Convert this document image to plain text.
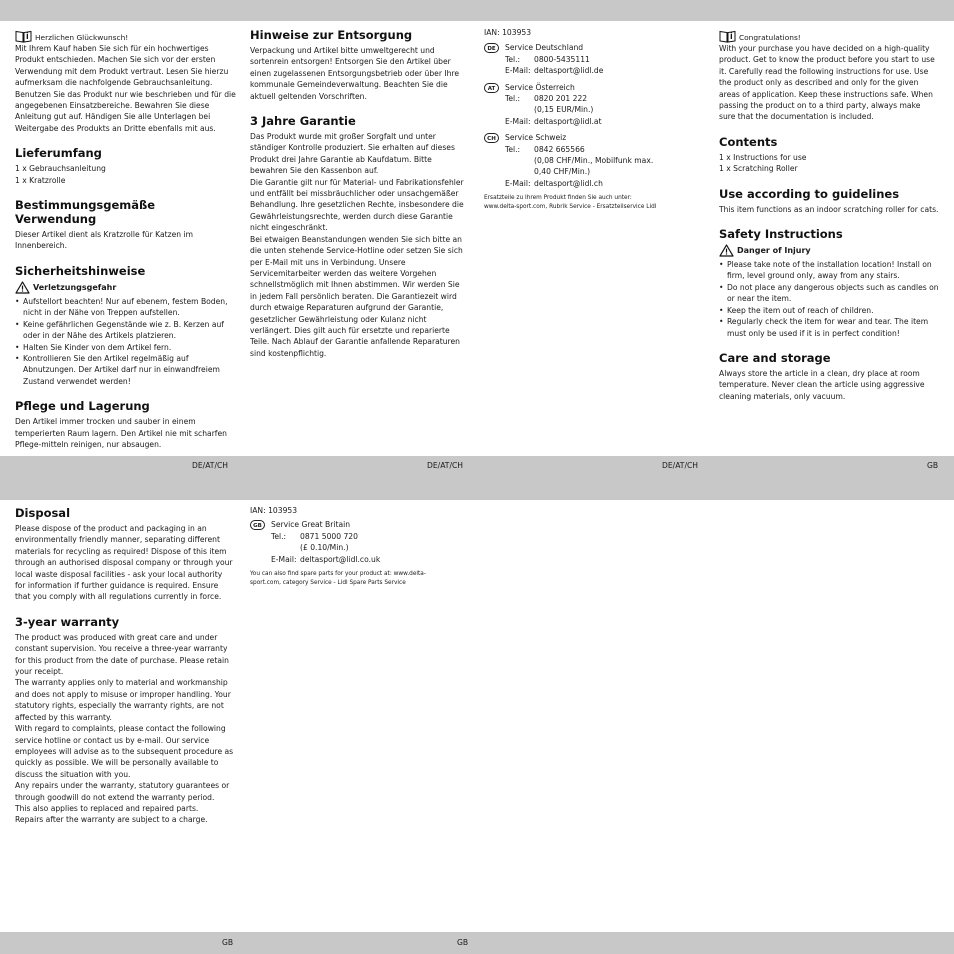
DE/AT/CH	DE/AT/CH	DE/AT/CH	GB
GB	GB
Herzlichen Glückwunsch!

Mit Ihrem Kauf haben Sie sich für ein hochwertiges Produkt entschieden. Machen Sie sich vor der ersten Verwendung mit dem Produkt vertraut. Lesen Sie hierzu aufmerksam die nachfolgende Gebrauchsanleitung. Benutzen Sie das Produkt nur wie beschrieben und für die angegebenen Einsatzbereiche. Bewahren Sie diese Anleitung gut auf. Händigen Sie alle Unterlagen bei Weitergabe des Produkts an Dritte ebenfalls mit aus.

Lieferumfang

1 x Gebrauchsanleitung

1 x Kratzrolle

Bestimmungsgemäße Verwendung

Dieser Artikel dient als Kratzrolle für Katzen im Innenbereich.

Sicherheitshinweise
Verletzungsgefahr
• Aufstellort beachten! Nur auf ebenem, festem Boden, nicht in der Nähe von Treppen aufstellen.
• Keine gefährlichen Gegenstände wie z. B. Kerzen auf oder in der Nähe des Artikels platzieren.
• Halten Sie Kinder von dem Artikel fern.
• Kontrollieren Sie den Artikel regelmäßig auf Abnutzungen. Der Artikel darf nur in einwandfreiem Zustand verwendet werden!
Pflege und Lagerung

Den Artikel immer trocken und sauber in einem temperierten Raum lagern. Den Artikel nie mit scharfen Pflege-mitteln reinigen, nur absaugen.

Hinweise zur Entsorgung

Verpackung und Artikel bitte umweltgerecht und sortenrein entsorgen! Entsorgen Sie den Artikel über einen zugelassenen Entsorgungsbetrieb oder über Ihre kommunale Gemeindeverwaltung. Beachten Sie die aktuell geltenden Vorschriften.

3 Jahre Garantie

Das Produkt wurde mit großer Sorgfalt und unter ständiger Kontrolle produziert. Sie erhalten auf dieses Produkt drei Jahre Garantie ab Kaufdatum. Bitte bewahren Sie den Kassenbon auf.

Die Garantie gilt nur für Material- und Fabrikationsfehler und entfällt bei missbräuchlicher oder unsachgemäßer Behandlung. Ihre gesetzlichen Rechte, insbesondere die Gewährleistungsrechte, werden durch diese Garantie nicht eingeschränkt.

Bei etwaigen Beanstandungen wenden Sie sich bitte an die unten stehende Service-Hotline oder setzen Sie sich per E-Mail mit uns in Verbindung. Unsere Servicemitarbeiter werden das weitere Vorgehen schnellstmöglich mit Ihnen abstimmen. Wir werden Sie in jedem Fall persönlich beraten. Die Garantiezeit wird durch etwaige Reparaturen aufgrund der Garantie, gesetzlicher Gewährleistung oder Kulanz nicht verlängert. Dies gilt auch für ersetzte und reparierte Teile. Nach Ablauf der Garantie anfallende Reparaturen sind kostenpflichtig.

IAN: 103953

DE	Service Deutschland

Tel.:	0800-5435111
E-Mail: deltasport@lidl.de
AT	Service Österreich

Tel.:	0820 201 222
(0,15 EUR/Min.)
E-Mail: deltasport@lidl.at
CH	Service Schweiz

Tel.:	0842 665566
(0,08 CHF/Min., Mobilfunk max. 0,40 CHF/Min.)
E-Mail: deltasport@lidl.ch

Ersatzteile zu Ihrem Produkt finden Sie auch unter: www.delta-sport.com, Rubrik Service - Ersatzteilservice Lidl

Congratulations!

With your purchase you have decided on a high-quality product. Get to know the product before you start to use it. Carefully read the following instructions for use. Use the product only as described and only for the given areas of application. Keep these instructions safe. When passing the product on to a third party, always make sure that the documentation is included.

Contents

1 x Instructions for use

1 x Scratching Roller

Use according to guidelines

This item functions as an indoor scratching roller for cats.

Safety Instructions
Danger of Injury
• Please take note of the installation location! Install on firm, level ground only, away from any stairs.
• Do not place any dangerous objects such as candles on or near the item.
• Keep the item out of reach of children.
• Regularly check the item for wear and tear. The item must only be used if it is in perfect condition!
Care and storage

Always store the article in a clean, dry place at room temperature. Never clean the article using aggressive cleaning materials, only vacuum.

Disposal

Please dispose of the product and packaging in an environmentally friendly manner, separating different materials for recycling as required! Dispose of this item through an authorised disposal company or through your local waste disposal facilities - ask your local authority for information if further guidance is required. Ensure that you comply with all regulations currently in force.

3-year warranty

The product was produced with great care and under constant supervision. You receive a three-year warranty for this product from the date of purchase. Please retain your receipt.

The warranty applies only to material and workmanship and does not apply to misuse or improper handling. Your statutory rights, especially the warranty rights, are not affected by this warranty.

With regard to complaints, please contact the following service hotline or contact us by e-mail. Our service employees will advise as to the subsequent procedure as quickly as possible. We will be personally available to discuss the situation with you.

Any repairs under the warranty, statutory guarantees or through goodwill do not extend the warranty period.

This also applies to replaced and repaired parts.

Repairs after the warranty are subject to a charge.

IAN: 103953

GB	Service Great Britain

Tel.:	0871 5000 720
(£ 0.10/Min.)
E-Mail: deltasport@lidl.co.uk

You can also find spare parts for your product at: www.delta-sport.com, category Service - Lidl Spare Parts Service
